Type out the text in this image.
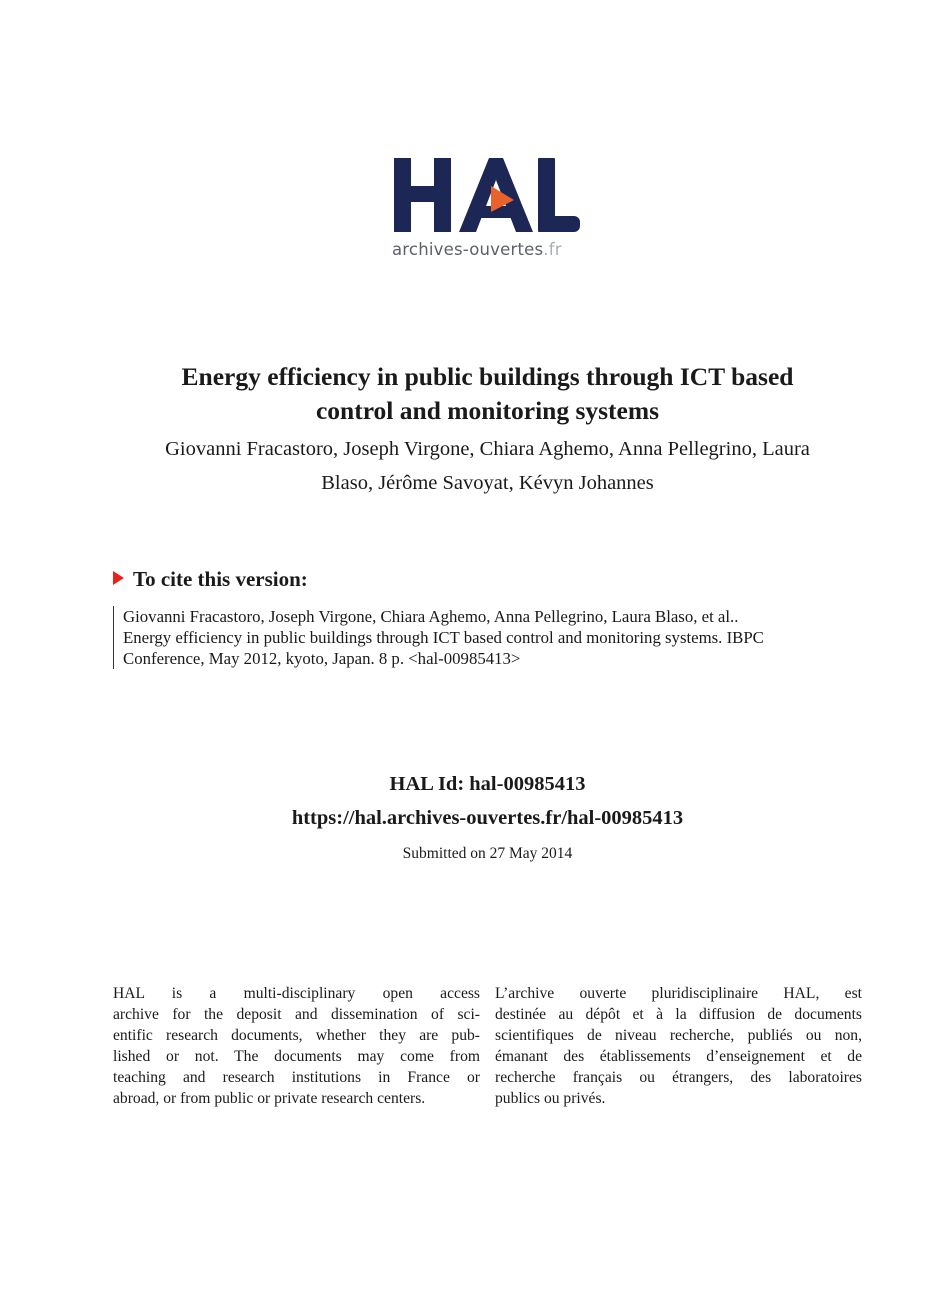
archives-ouvertes.fr
Energy efficiency in public buildings through ICT based
control and monitoring systems
Giovanni Fracastoro, Joseph Virgone, Chiara Aghemo, Anna Pellegrino, Laura
Blaso, Jérôme Savoyat, Kévyn Johannes
To cite this version:
Giovanni Fracastoro, Joseph Virgone, Chiara Aghemo, Anna Pellegrino, Laura Blaso, et al..
Energy efficiency in public buildings through ICT based control and monitoring systems. IBPC
Conference, May 2012, kyoto, Japan. 8 p. <hal-00985413>
HAL Id: hal-00985413
https://hal.archives-ouvertes.fr/hal-00985413
Submitted on 27 May 2014
HAL is a multi-disciplinary open access
archive for the deposit and dissemination of sci-
entific research documents, whether they are pub-
lished or not. The documents may come from
teaching and research institutions in France or
abroad, or from public or private research centers.
L’archive ouverte pluridisciplinaire HAL, est
destinée au dépôt et à la diffusion de documents
scientifiques de niveau recherche, publiés ou non,
émanant des établissements d’enseignement et de
recherche français ou étrangers, des laboratoires
publics ou privés.
